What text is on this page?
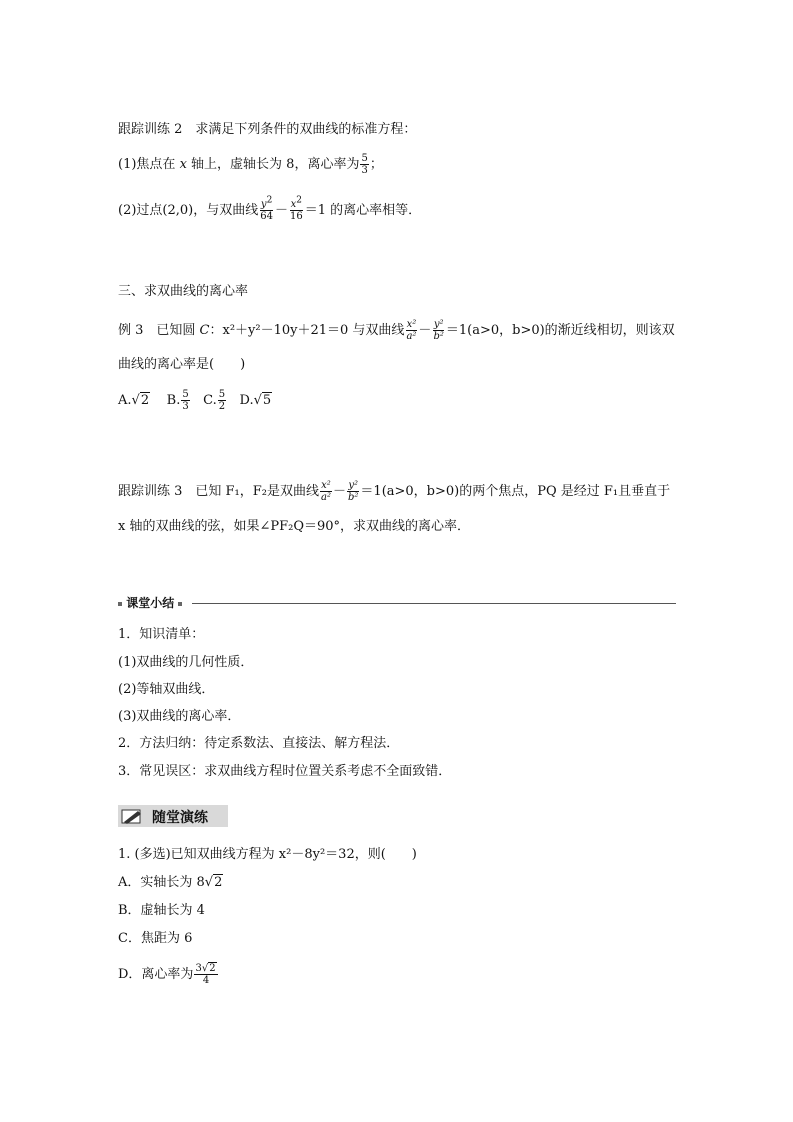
跟踪训练 2　求满足下列条件的双曲线的标准方程：
(1)焦点在 x 轴上，虚轴长为 8，离心率为 $\frac{5}{3}$ ；
(2)过点(2,0)，与双曲线 $\frac{y^2}{64} - \frac{x^2}{16} =1$ 的离心率相等．
三、求双曲线的离心率
例 3　已知圆 C：x²＋y²－10y＋21＝0 与双曲线 $\frac{\text{x²}}{\text{a²}} - \frac{\text{y²}}{\text{b²}} =1(a>0$，b>0)的渐近线相切，则该双
曲线的离心率是(　　)
A.√2 B. $\frac{5}{3} C$. $\frac{5}{2} D.√5$
跟踪训练 3　已知 F₁，F₂是双曲线 $\frac{\text{x²}}{\text{a²}} - \frac{\text{y²}}{\text{b²}} =1(a>0$，b>0)的两个焦点，PQ 是经过 F₁且垂直于
x 轴的双曲线的弦，如果∠PF₂Q＝90°，求双曲线的离心率．
课堂小结
1．知识清单：
(1)双曲线的几何性质．
(2)等轴双曲线．
(3)双曲线的离心率．
2．方法归纳：待定系数法、直接法、解方程法．
3．常见误区：求双曲线方程时位置关系考虑不全面致错．
随堂演练
1. (多选)已知双曲线方程为 x²－8y²＝32，则(　　)
A．实轴长为 8√2
B．虚轴长为 4
C．焦距为 6
D．离心率为 $\frac{3√2}{4}$
